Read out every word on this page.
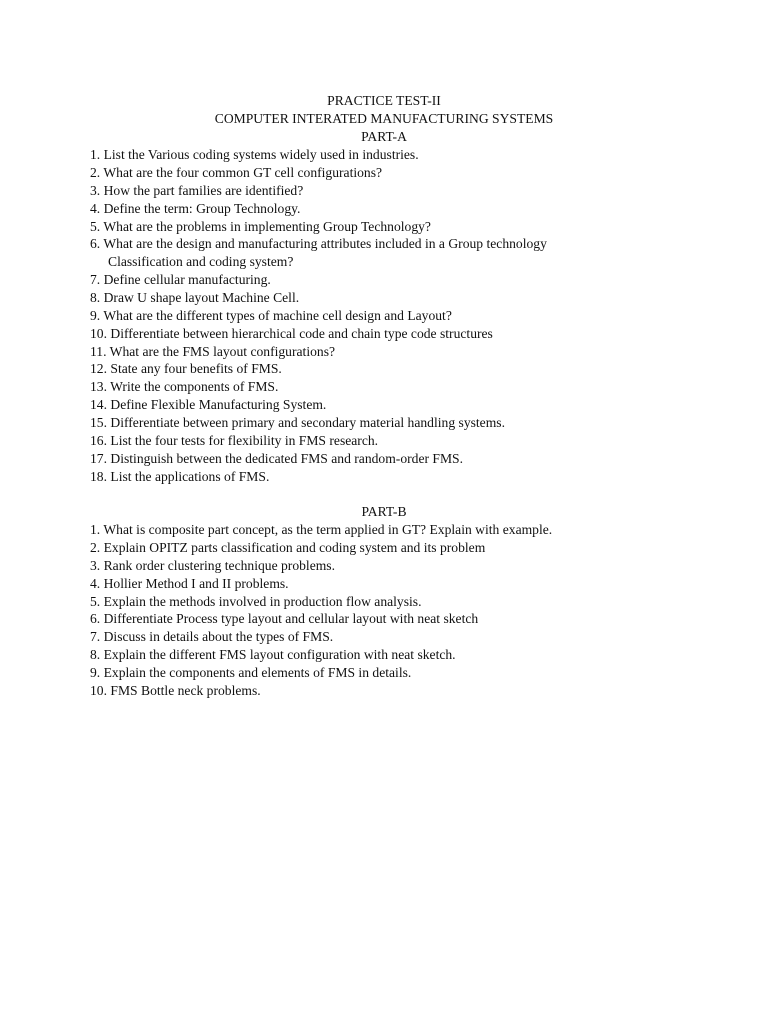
PRACTICE TEST-II
COMPUTER INTERATED MANUFACTURING SYSTEMS
PART-A
1. List the Various coding systems widely used in industries.
2. What are the four common GT cell configurations?
3. How the part families are identified?
4. Define the term: Group Technology.
5. What are the problems in implementing Group Technology?
6. What are the design and manufacturing attributes included in a Group technology
Classification and coding system?
7. Define cellular manufacturing.
8. Draw U shape layout Machine Cell.
9. What are the different types of machine cell design and Layout?
10. Differentiate between hierarchical code and chain type code structures
11. What are the FMS layout configurations?
12. State any four benefits of FMS.
13. Write the components of FMS.
14. Define Flexible Manufacturing System.
15. Differentiate between primary and secondary material handling systems.
16. List the four tests for flexibility in FMS research.
17. Distinguish between the dedicated FMS and random-order FMS.
18. List the applications of FMS.
PART-B
1. What is composite part concept, as the term applied in GT? Explain with example.
2. Explain OPITZ parts classification and coding system and its problem
3. Rank order clustering technique problems.
4. Hollier Method I and II problems.
5. Explain the methods involved in production flow analysis.
6. Differentiate Process type layout and cellular layout with neat sketch
7. Discuss in details about the types of FMS.
8. Explain the different FMS layout configuration with neat sketch.
9. Explain the components and elements of FMS in details.
10. FMS Bottle neck problems.
